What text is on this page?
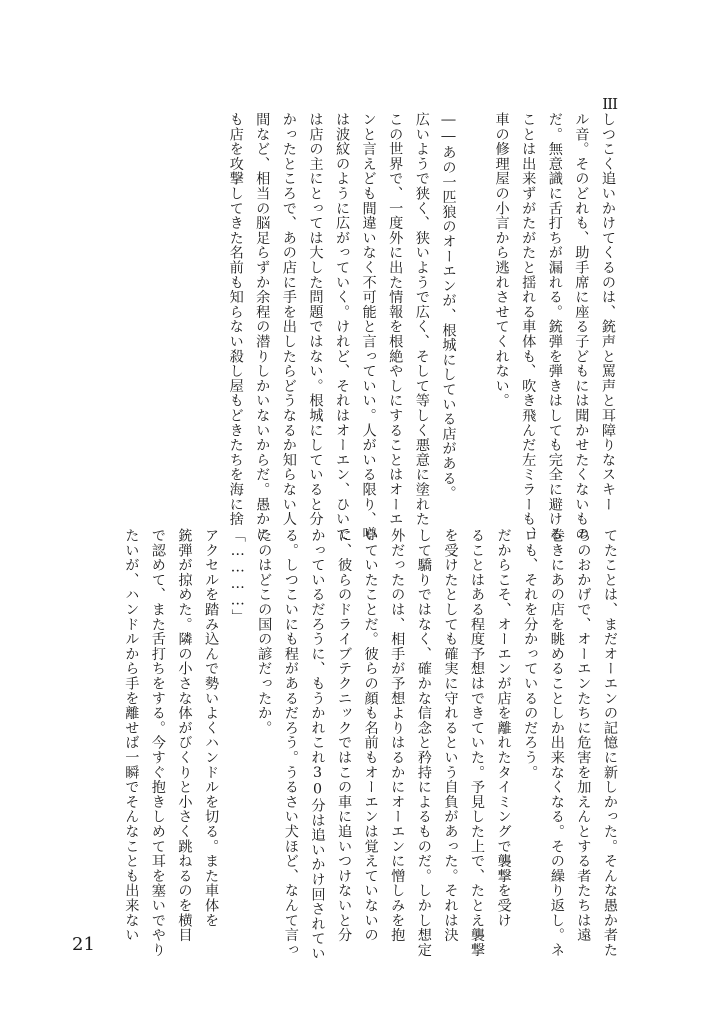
III
しつこく追いかけてくるのは、銃声と罵声と耳障りなスキー
ル音。そのどれも、助手席に座る子どもには聞かせたくないもの
だ。無意識に舌打ちが漏れる。銃弾を弾きはしても完全に避ける
ことは出来ずがたがたと揺れる車体も、吹き飛んだ左ミラーも、
車の修理屋の小言から逃れさせてくれない。

――あの一匹狼のオーエンが、根城にしている店がある。
広いようで狭く、狭いようで広く、そして等しく悪意に塗れた
この世界で、一度外に出た情報を根絶やしにすることはオーエ
ンと言えども間違いなく不可能と言っていい。人がいる限り、噂
は波紋のように広がっていく。けれど、それはオーエン、ひいて
は店の主にとっては大した問題ではない。根城にしていると分
かったところで、あの店に手を出したらどうなるか知らない人
間など、相当の脳足らずか余程の潜りしかいないからだ。愚かに
も店を攻撃してきた名前も知らない殺し屋もどきたちを海に捨
てたことは、まだオーエンの記憶に新しかった。そんな愚か者た
ちのおかげで、オーエンたちに危害を加えんとする者たちは遠
巻きにあの店を眺めることしか出来なくなる。その繰り返し。ネ
ロも、それを分かっているのだろう。
だからこそ、オーエンが店を離れたタイミングで襲撃を受け
ることはある程度予想はできていた。予見した上で、たとえ襲撃
を受けたとしても確実に守れるという自負があった。それは決
して驕りではなく、確かな信念と矜持によるものだ。しかし想定
外だったのは、相手が予想よりはるかにオーエンに憎しみを抱
いていたことだ。彼らの顔も名前もオーエンは覚えていないの
に、彼らのドライブテクニックではこの車に追いつけないと分
かっているだろうに、もうかれこれ30分は追いかけ回されてい
る。しつこいにも程があるだろう。うるさい犬ほど、なんて言っ
たのはどこの国の諺だったか。
「…………」
アクセルを踏み込んで勢いよくハンドルを切る。また車体を
銃弾が掠めた。隣の小さな体がびくりと小さく跳ねるのを横目
で認めて、また舌打ちをする。今すぐ抱きしめて耳を塞いでやり
たいが、ハンドルから手を離せば一瞬でそんなことも出来ない
21
